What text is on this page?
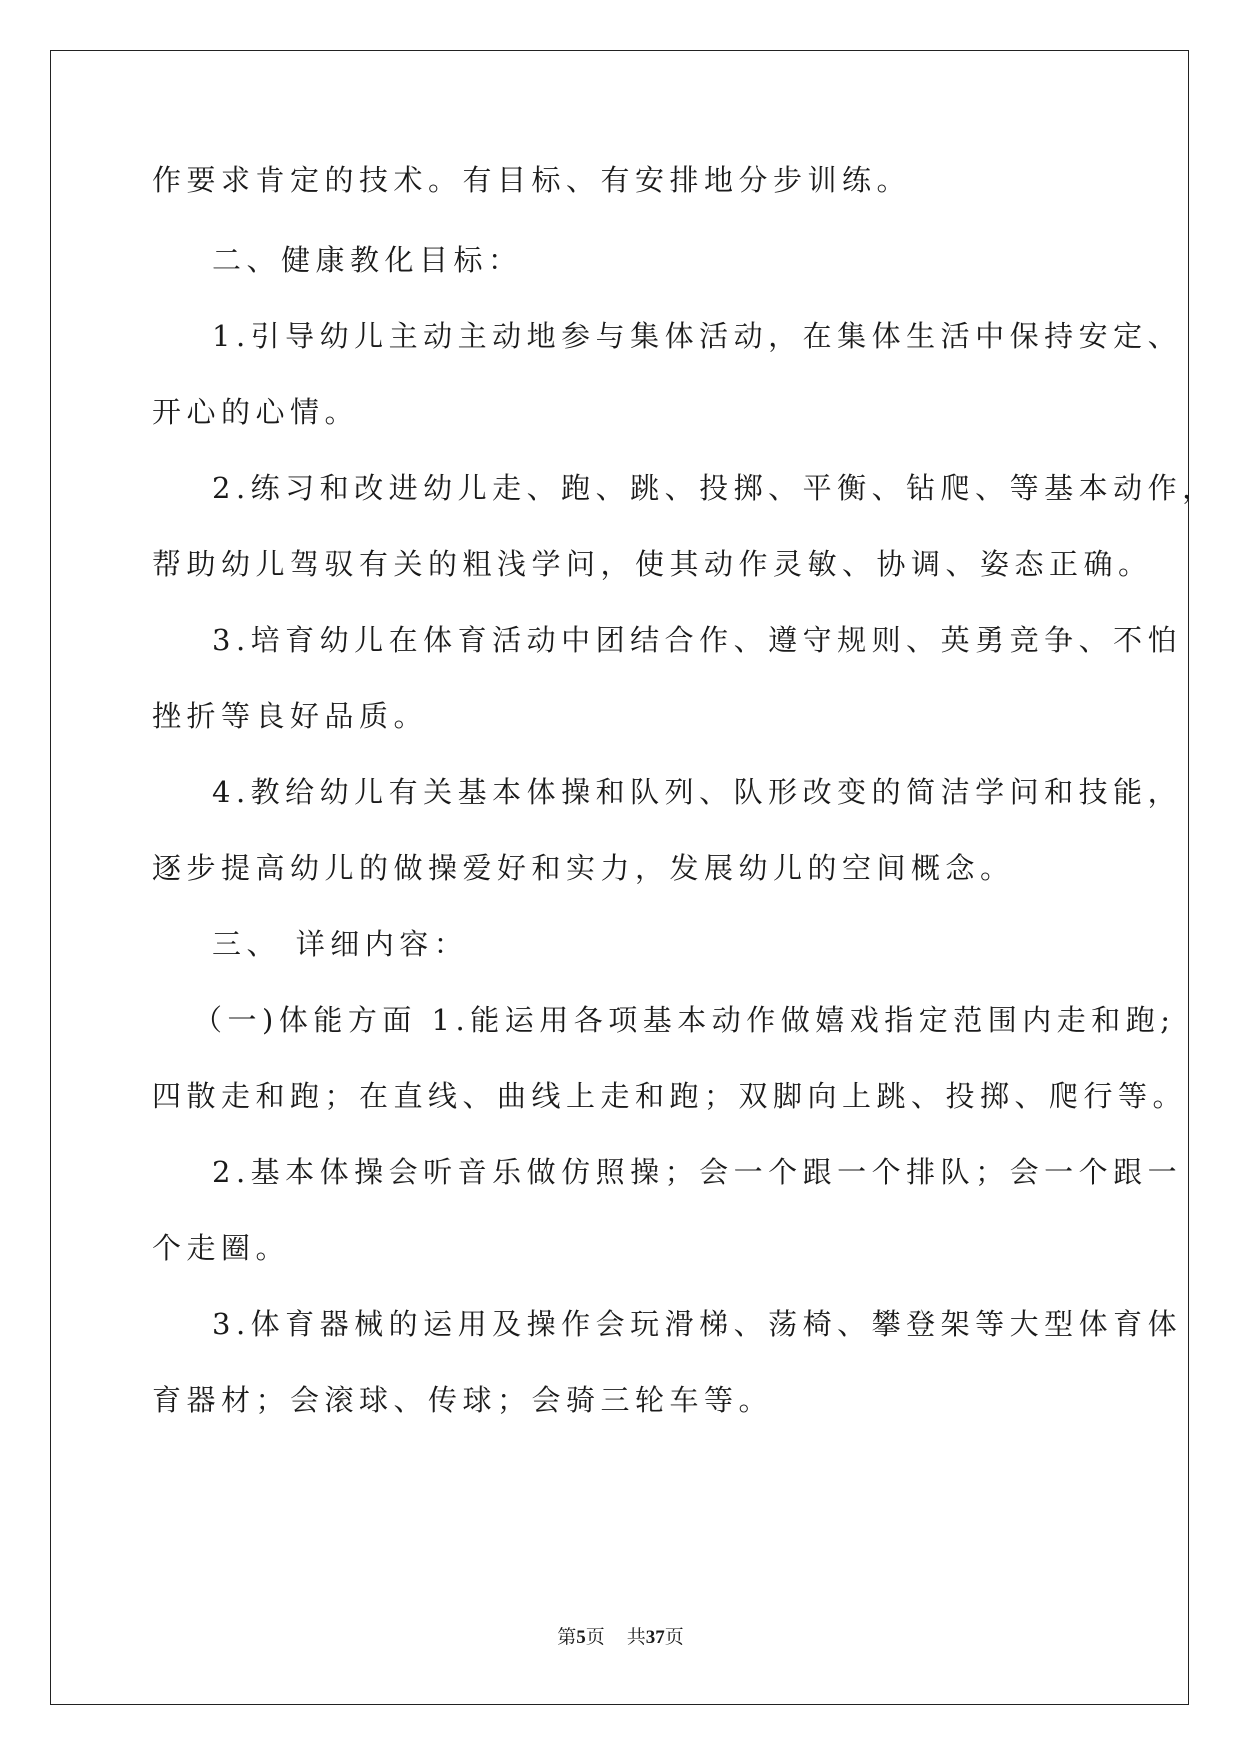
作要求肯定的技术。有目标、有安排地分步训练。
二、健康教化目标：
1.引导幼儿主动主动地参与集体活动，在集体生活中保持安定、
开心的心情。
2.练习和改进幼儿走、跑、跳、投掷、平衡、钻爬、等基本动作，
帮助幼儿驾驭有关的粗浅学问，使其动作灵敏、协调、姿态正确。
3.培育幼儿在体育活动中团结合作、遵守规则、英勇竞争、不怕
挫折等良好品质。
4.教给幼儿有关基本体操和队列、队形改变的简洁学问和技能，
逐步提高幼儿的做操爱好和实力，发展幼儿的空间概念。
三、 详细内容：
（一)体能方面 1.能运用各项基本动作做嬉戏指定范围内走和跑;
四散走和跑；在直线、曲线上走和跑；双脚向上跳、投掷、爬行等。
2.基本体操会听音乐做仿照操；会一个跟一个排队；会一个跟一
个走圈。
3.体育器械的运用及操作会玩滑梯、荡椅、攀登架等大型体育体
育器材；会滚球、传球；会骑三轮车等。
第5页 共37页
